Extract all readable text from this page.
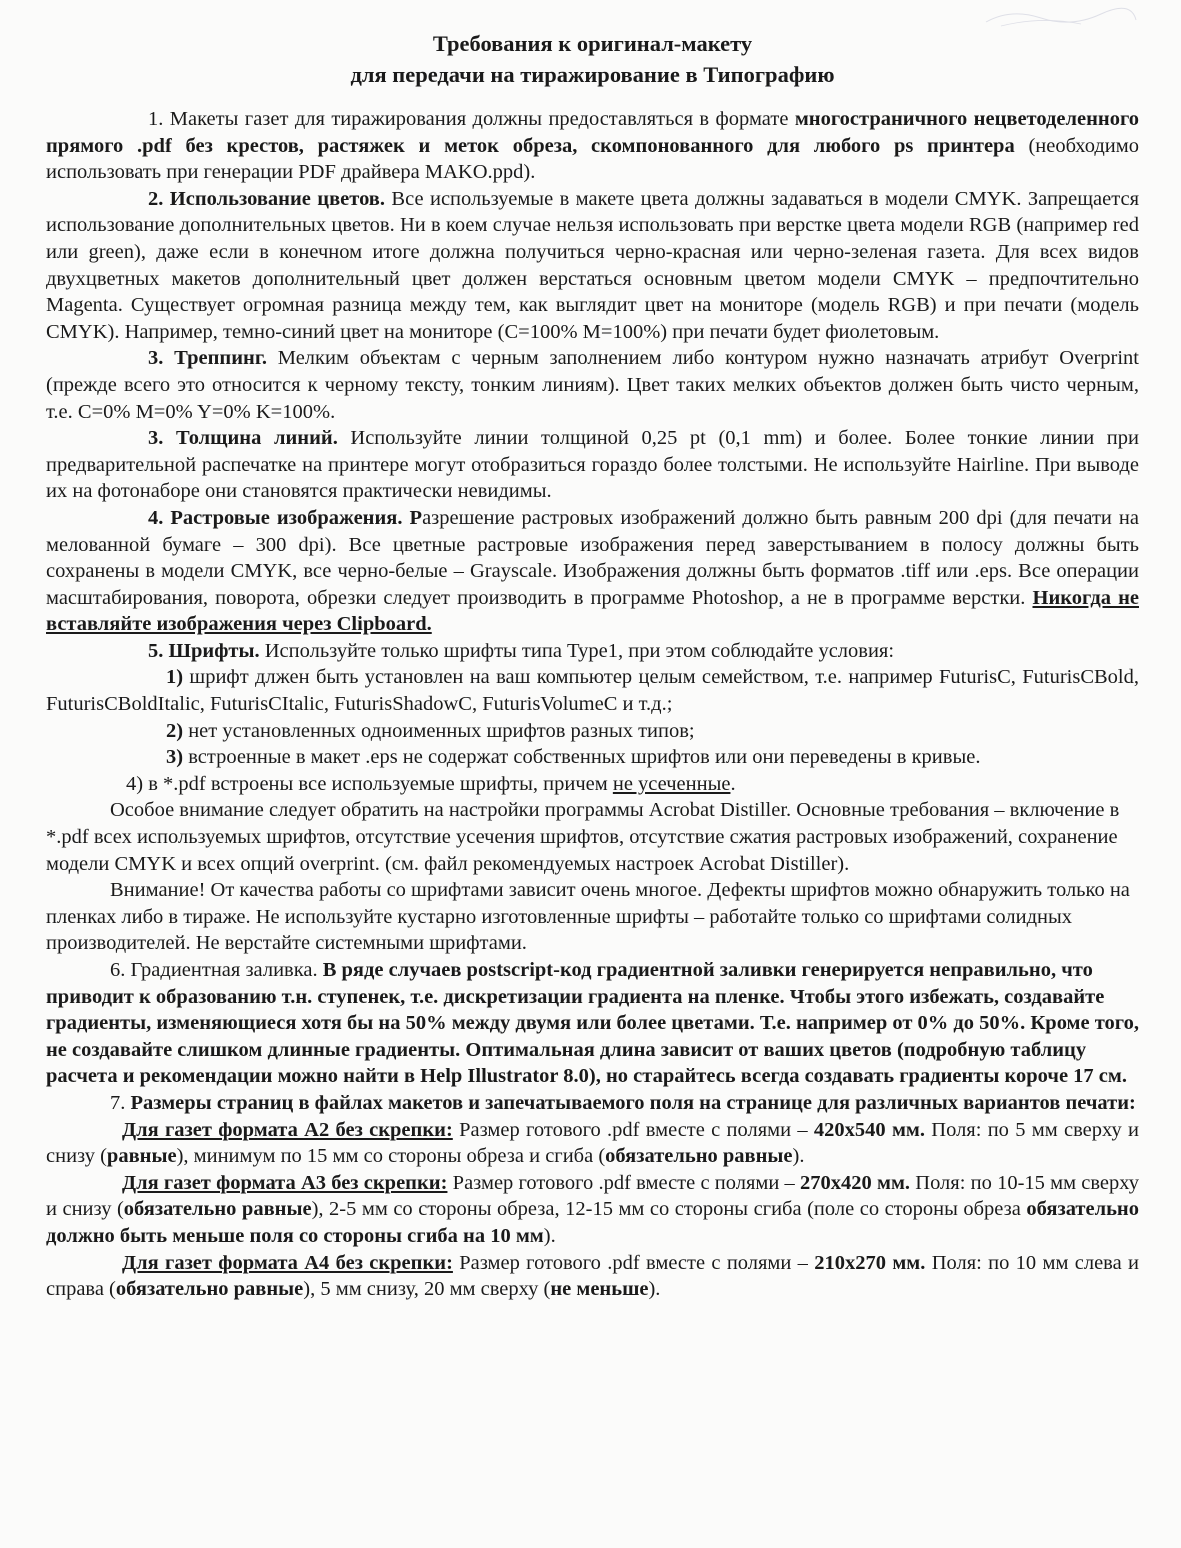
Требования к оригинал-макету
для передачи на тиражирование в Типографию

1. Макеты газет для тиражирования должны предоставляться в формате многостраничного нецветоделенного прямого .pdf без крестов, растяжек и меток обреза, скомпонованного для любого ps принтера (необходимо использовать при генерации PDF драйвера MAKO.ppd).

2. Использование цветов. Все используемые в макете цвета должны задаваться в модели CMYK. Запрещается использование дополнительных цветов. Ни в коем случае нельзя использовать при верстке цвета модели RGB (например red или green), даже если в конечном итоге должна получиться черно-красная или черно-зеленая газета. Для всех видов двухцветных макетов дополнительный цвет должен верстаться основным цветом модели CMYK – предпочтительно Magenta. Существует огромная разница между тем, как выглядит цвет на мониторе (модель RGB) и при печати (модель CMYK). Например, темно-синий цвет на мониторе (C=100% M=100%) при печати будет фиолетовым.

3. Треппинг. Мелким объектам с черным заполнением либо контуром нужно назначать атрибут Overprint (прежде всего это относится к черному тексту, тонким линиям). Цвет таких мелких объектов должен быть чисто черным, т.е. C=0% M=0% Y=0% K=100%.

3. Толщина линий. Используйте линии толщиной 0,25 pt (0,1 mm) и более. Более тонкие линии при предварительной распечатке на принтере могут отобразиться гораздо более толстыми. Не используйте Hairline. При выводе их на фотонаборе они становятся практически невидимы.

4. Растровые изображения. Разрешение растровых изображений должно быть равным 200 dpi (для печати на мелованной бумаге – 300 dpi). Все цветные растровые изображения перед заверстыванием в полосу должны быть сохранены в модели CMYK, все черно-белые – Grayscale. Изображения должны быть форматов .tiff или .eps. Все операции масштабирования, поворота, обрезки следует производить в программе Photoshop, а не в программе верстки. Никогда не вставляйте изображения через Clipboard.

5. Шрифты. Используйте только шрифты типа Type1, при этом соблюдайте условия:

1) шрифт длжен быть установлен на ваш компьютер целым семейством, т.е. например FuturisC, FuturisCBold, FuturisCBoldItalic, FuturisCItalic, FuturisShadowC, FuturisVolumeC и т.д.;

2) нет установленных одноименных шрифтов разных типов;

3) встроенные в макет .eps не содержат собственных шрифтов или они переведены в кривые.

4) в *.pdf встроены все используемые шрифты, причем не усеченные.

Особое внимание следует обратить на настройки программы Acrobat Distiller. Основные требования – включение в *.pdf всех используемых шрифтов, отсутствие усечения шрифтов, отсутствие сжатия растровых изображений, сохранение модели CMYK и всех опций overprint. (см. файл рекомендуемых настроек Acrobat Distiller).

Внимание! От качества работы со шрифтами зависит очень многое. Дефекты шрифтов можно обнаружить только на пленках либо в тираже. Не используйте кустарно изготовленные шрифты – работайте только со шрифтами солидных производителей. Не верстайте системными шрифтами.

6. Градиентная заливка. В ряде случаев postscript-код градиентной заливки генерируется неправильно, что приводит к образованию т.н. ступенек, т.е. дискретизации градиента на пленке. Чтобы этого избежать, создавайте градиенты, изменяющиеся хотя бы на 50% между двумя или более цветами. Т.е. например от 0% до 50%. Кроме того, не создавайте слишком длинные градиенты. Оптимальная длина зависит от ваших цветов (подробную таблицу расчета и рекомендации можно найти в Help Illustrator 8.0), но старайтесь всегда создавать градиенты короче 17 см.

7. Размеры страниц в файлах макетов и запечатываемого поля на странице для различных вариантов печати:

Для газет формата А2 без скрепки: Размер готового .pdf вместе с полями – 420х540 мм. Поля: по 5 мм сверху и снизу (равные), минимум по 15 мм со стороны обреза и сгиба (обязательно равные).

Для газет формата А3 без скрепки: Размер готового .pdf вместе с полями – 270х420 мм. Поля: по 10-15 мм сверху и снизу (обязательно равные), 2-5 мм со стороны обреза, 12-15 мм со стороны сгиба (поле со стороны обреза обязательно должно быть меньше поля со стороны сгиба на 10 мм).

Для газет формата А4 без скрепки: Размер готового .pdf вместе с полями – 210х270 мм. Поля: по 10 мм слева и справа (обязательно равные), 5 мм снизу, 20 мм сверху (не меньше).
